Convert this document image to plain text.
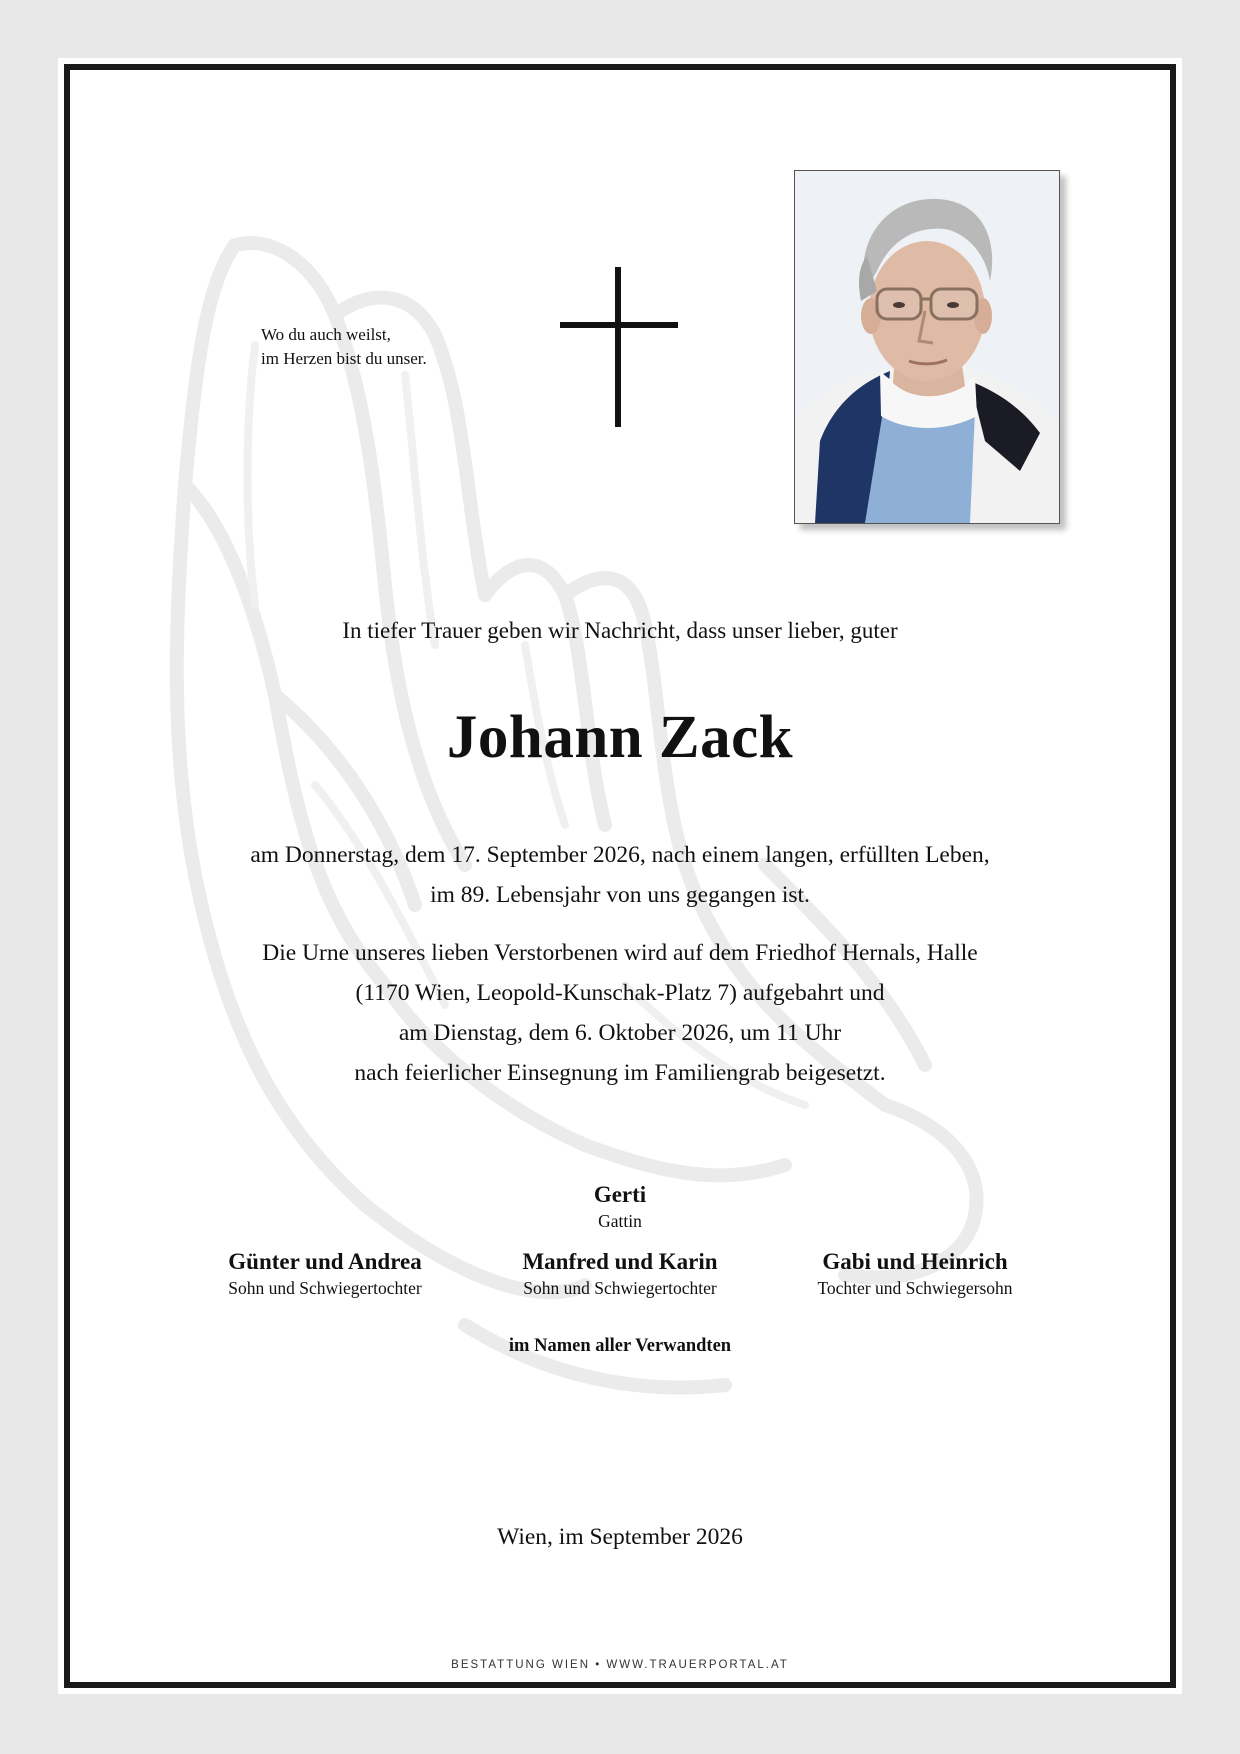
Wo du auch weilst,
im Herzen bist du unser.
In tiefer Trauer geben wir Nachricht, dass unser lieber, guter
Johann Zack
am Donnerstag, dem 17. September 2026, nach einem langen, erfüllten Leben,
im 89. Lebensjahr von uns gegangen ist.
Die Urne unseres lieben Verstorbenen wird auf dem Friedhof Hernals, Halle
(1170 Wien, Leopold-Kunschak-Platz 7) aufgebahrt und
am Dienstag, dem 6. Oktober 2026, um 11 Uhr
nach feierlicher Einsegnung im Familiengrab beigesetzt.
Gerti
Gattin
Günter und Andrea
Sohn und Schwiegertochter
Manfred und Karin
Sohn und Schwiegertochter
Gabi und Heinrich
Tochter und Schwiegersohn
im Namen aller Verwandten
Wien, im September 2026
BESTATTUNG WIEN • WWW.TRAUERPORTAL.AT
